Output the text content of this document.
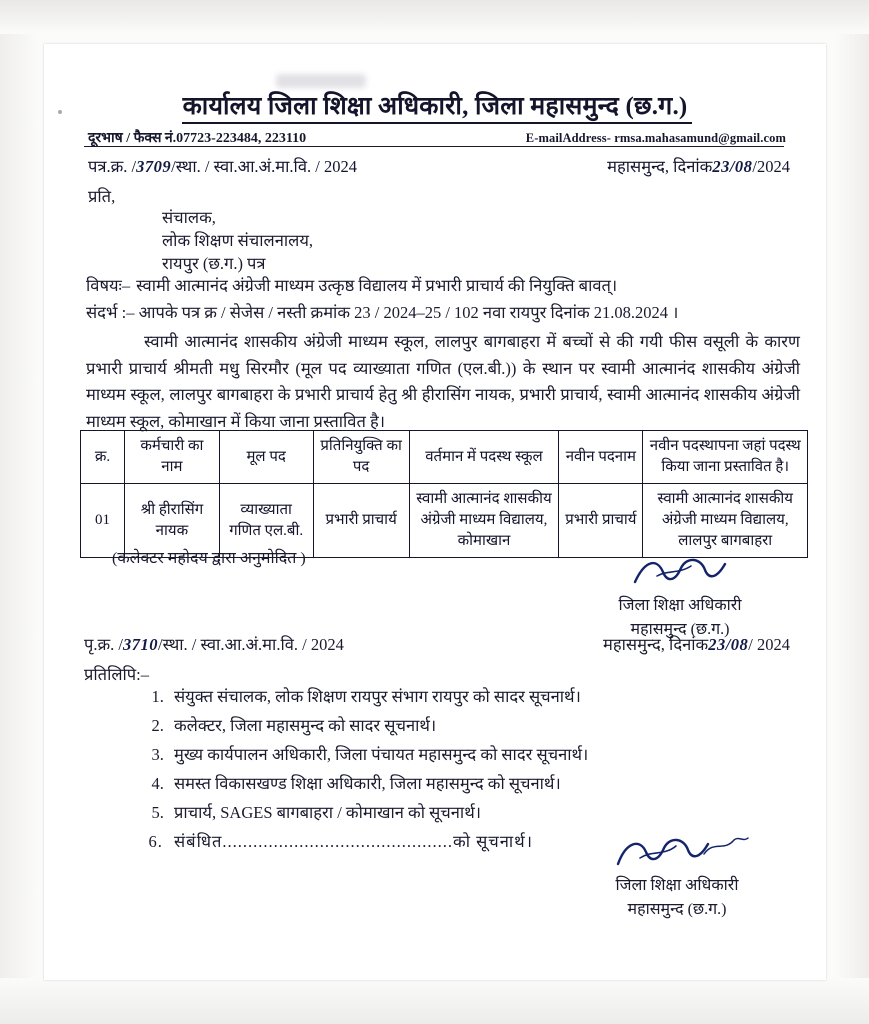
कार्यालय जिला शिक्षा अधिकारी, जिला महासमुन्द (छ.ग.)
दूरभाष / फैक्स नं.07723-223484, 223110	E-mailAddress- rmsa.mahasamund@gmail.com
पत्र.क्र. /3709/स्था. / स्वा.आ.अं.मा.वि. / 2024	महासमुन्द, दिनांक23/08/2024
प्रति,
संचालक,
लोक शिक्षण संचालनालय,
रायपुर (छ.ग.) पत्र
विषयः– स्वामी आत्मानंद अंग्रेजी माध्यम उत्कृष्ठ विद्यालय में प्रभारी प्राचार्य की नियुक्ति बावत्।
संदर्भ :– आपके पत्र क्र / सेजेस / नस्ती क्रमांक 23 / 2024–25 / 102 नवा रायपुर दिनांक 21.08.2024 ।
स्वामी आत्मानंद शासकीय अंग्रेजी माध्यम स्कूल, लालपुर बागबाहरा में बच्चों से की गयी फीस वसूली के कारण प्रभारी प्राचार्य श्रीमती मधु सिरमौर (मूल पद व्याख्याता गणित (एल.बी.)) के स्थान पर स्वामी आत्मानंद शासकीय अंग्रेजी माध्यम स्कूल, लालपुर बागबाहरा के प्रभारी प्राचार्य हेतु श्री हीरासिंग नायक, प्रभारी प्राचार्य, स्वामी आत्मानंद शासकीय अंग्रेजी माध्यम स्कूल, कोमाखान में किया जाना प्रस्तावित है।
क्र.	कर्मचारी का नाम	मूल पद	प्रतिनियुक्ति का पद	वर्तमान में पदस्थ स्कूल	नवीन पदनाम	नवीन पदस्थापना जहां पदस्थ किया जाना प्रस्तावित है।
01	श्री हीरासिंग नायक	व्याख्याता गणित एल.बी.	प्रभारी प्राचार्य	स्वामी आत्मानंद शासकीय अंग्रेजी माध्यम विद्यालय, कोमाखान	प्रभारी प्राचार्य	स्वामी आत्मानंद शासकीय अंग्रेजी माध्यम विद्यालय, लालपुर बागबाहरा
(कलेक्टर महोदय द्वारा अनुमोदित )
जिला शिक्षा अधिकारी
महासमुन्द (छ.ग.)
पृ.क्र. /3710/स्था. / स्वा.आ.अं.मा.वि. / 2024	महासमुन्द, दिनांक23/08/ 2024
प्रतिलिपि:–
1. संयुक्त संचालक, लोक शिक्षण रायपुर संभाग रायपुर को सादर सूचनार्थ।
2. कलेक्टर, जिला महासमुन्द को सादर सूचनार्थ।
3. मुख्य कार्यपालन अधिकारी, जिला पंचायत महासमुन्द को सादर सूचनार्थ।
4. समस्त विकासखण्ड शिक्षा अधिकारी, जिला महासमुन्द को सूचनार्थ।
5. प्राचार्य, SAGES बागबाहरा / कोमाखान को सूचनार्थ।
6. संबंधित.............................................को सूचनार्थ।
जिला शिक्षा अधिकारी
महासमुन्द (छ.ग.)
